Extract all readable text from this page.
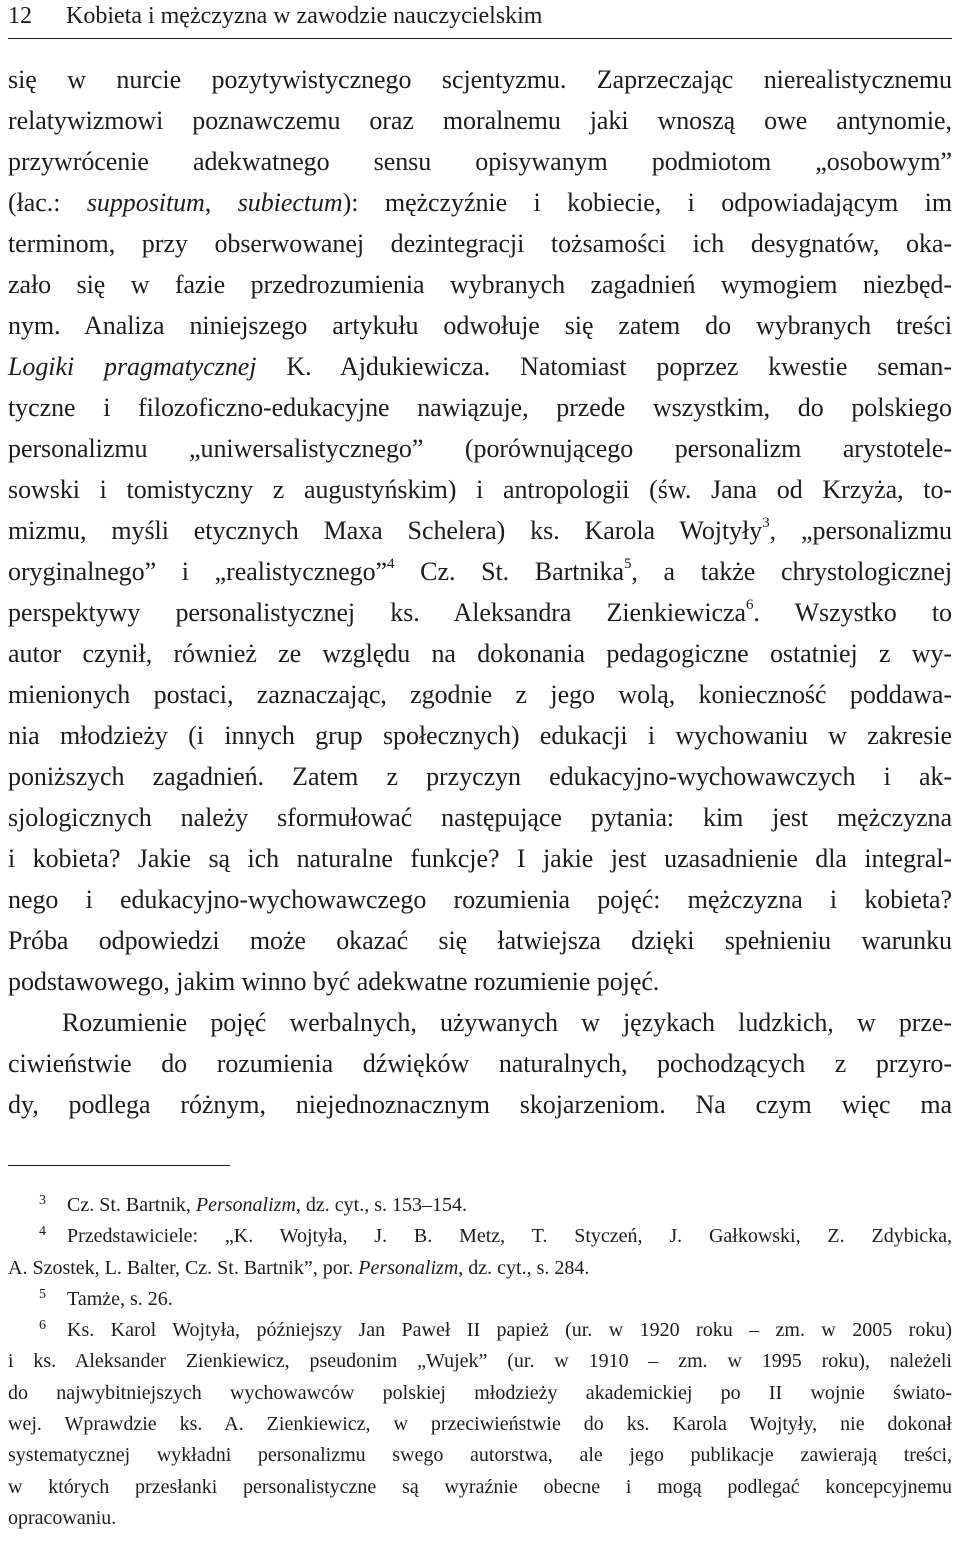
12 Kobieta i mężczyzna w zawodzie nauczycielskim
się w nurcie pozytywistycznego scjentyzmu. Zaprzeczając nierealistycznemu
relatywizmowi poznawczemu oraz moralnemu jaki wnoszą owe antynomie,
przywrócenie adekwatnego sensu opisywanym podmiotom „osobowym”
(łac.: suppositum, subiectum): mężczyźnie i kobiecie, i odpowiadającym im
terminom, przy obserwowanej dezintegracji tożsamości ich desygnatów, oka-
zało się w fazie przedrozumienia wybranych zagadnień wymogiem niezbęd-
nym. Analiza niniejszego artykułu odwołuje się zatem do wybranych treści
Logiki pragmatycznej K. Ajdukiewicza. Natomiast poprzez kwestie seman-
tyczne i filozoficzno-edukacyjne nawiązuje, przede wszystkim, do polskiego
personalizmu „uniwersalistycznego” (porównującego personalizm arystotele-
sowski i tomistyczny z augustyńskim) i antropologii (św. Jana od Krzyża, to-
mizmu, myśli etycznych Maxa Schelera) ks. Karola Wojtyły$^3$, „personalizmu
oryginalnego” i „realistycznego”$^4$ Cz. St. Bartnika$^5$, a także chrystologicznej
perspektywy personalistycznej ks. Aleksandra Zienkiewicza$^6$. Wszystko to
autor czynił, również ze względu na dokonania pedagogiczne ostatniej z wy-
mienionych postaci, zaznaczając, zgodnie z jego wolą, konieczność poddawa-
nia młodzieży (i innych grup społecznych) edukacji i wychowaniu w zakresie
poniższych zagadnień. Zatem z przyczyn edukacyjno-wychowawczych i ak-
sjologicznych należy sformułować następujące pytania: kim jest mężczyzna
i kobieta? Jakie są ich naturalne funkcje? I jakie jest uzasadnienie dla integral-
nego i edukacyjno-wychowawczego rozumienia pojęć: mężczyzna i kobieta?
Próba odpowiedzi może okazać się łatwiejsza dzięki spełnieniu warunku
podstawowego, jakim winno być adekwatne rozumienie pojęć.
Rozumienie pojęć werbalnych, używanych w językach ludzkich, w prze-
ciwieństwie do rozumienia dźwięków naturalnych, pochodzących z przyro-
dy, podlega różnym, niejednoznacznym skojarzeniom. Na czym więc ma
3 Cz. St. Bartnik, Personalizm, dz. cyt., s. 153–154.
4 Przedstawiciele: „K. Wojtyła, J. B. Metz, T. Styczeń, J. Gałkowski, Z. Zdybicka,
A. Szostek, L. Balter, Cz. St. Bartnik”, por. Personalizm, dz. cyt., s. 284.
5 Tamże, s. 26.
6 Ks. Karol Wojtyła, późniejszy Jan Paweł II papież (ur. w 1920 roku – zm. w 2005 roku)
i ks. Aleksander Zienkiewicz, pseudonim „Wujek” (ur. w 1910 – zm. w 1995 roku), należeli
do najwybitniejszych wychowawców polskiej młodzieży akademickiej po II wojnie świato-
wej. Wprawdzie ks. A. Zienkiewicz, w przeciwieństwie do ks. Karola Wojtyły, nie dokonał
systematycznej wykładni personalizmu swego autorstwa, ale jego publikacje zawierają treści,
w których przesłanki personalistyczne są wyraźnie obecne i mogą podlegać koncepcyjnemu
opracowaniu.
